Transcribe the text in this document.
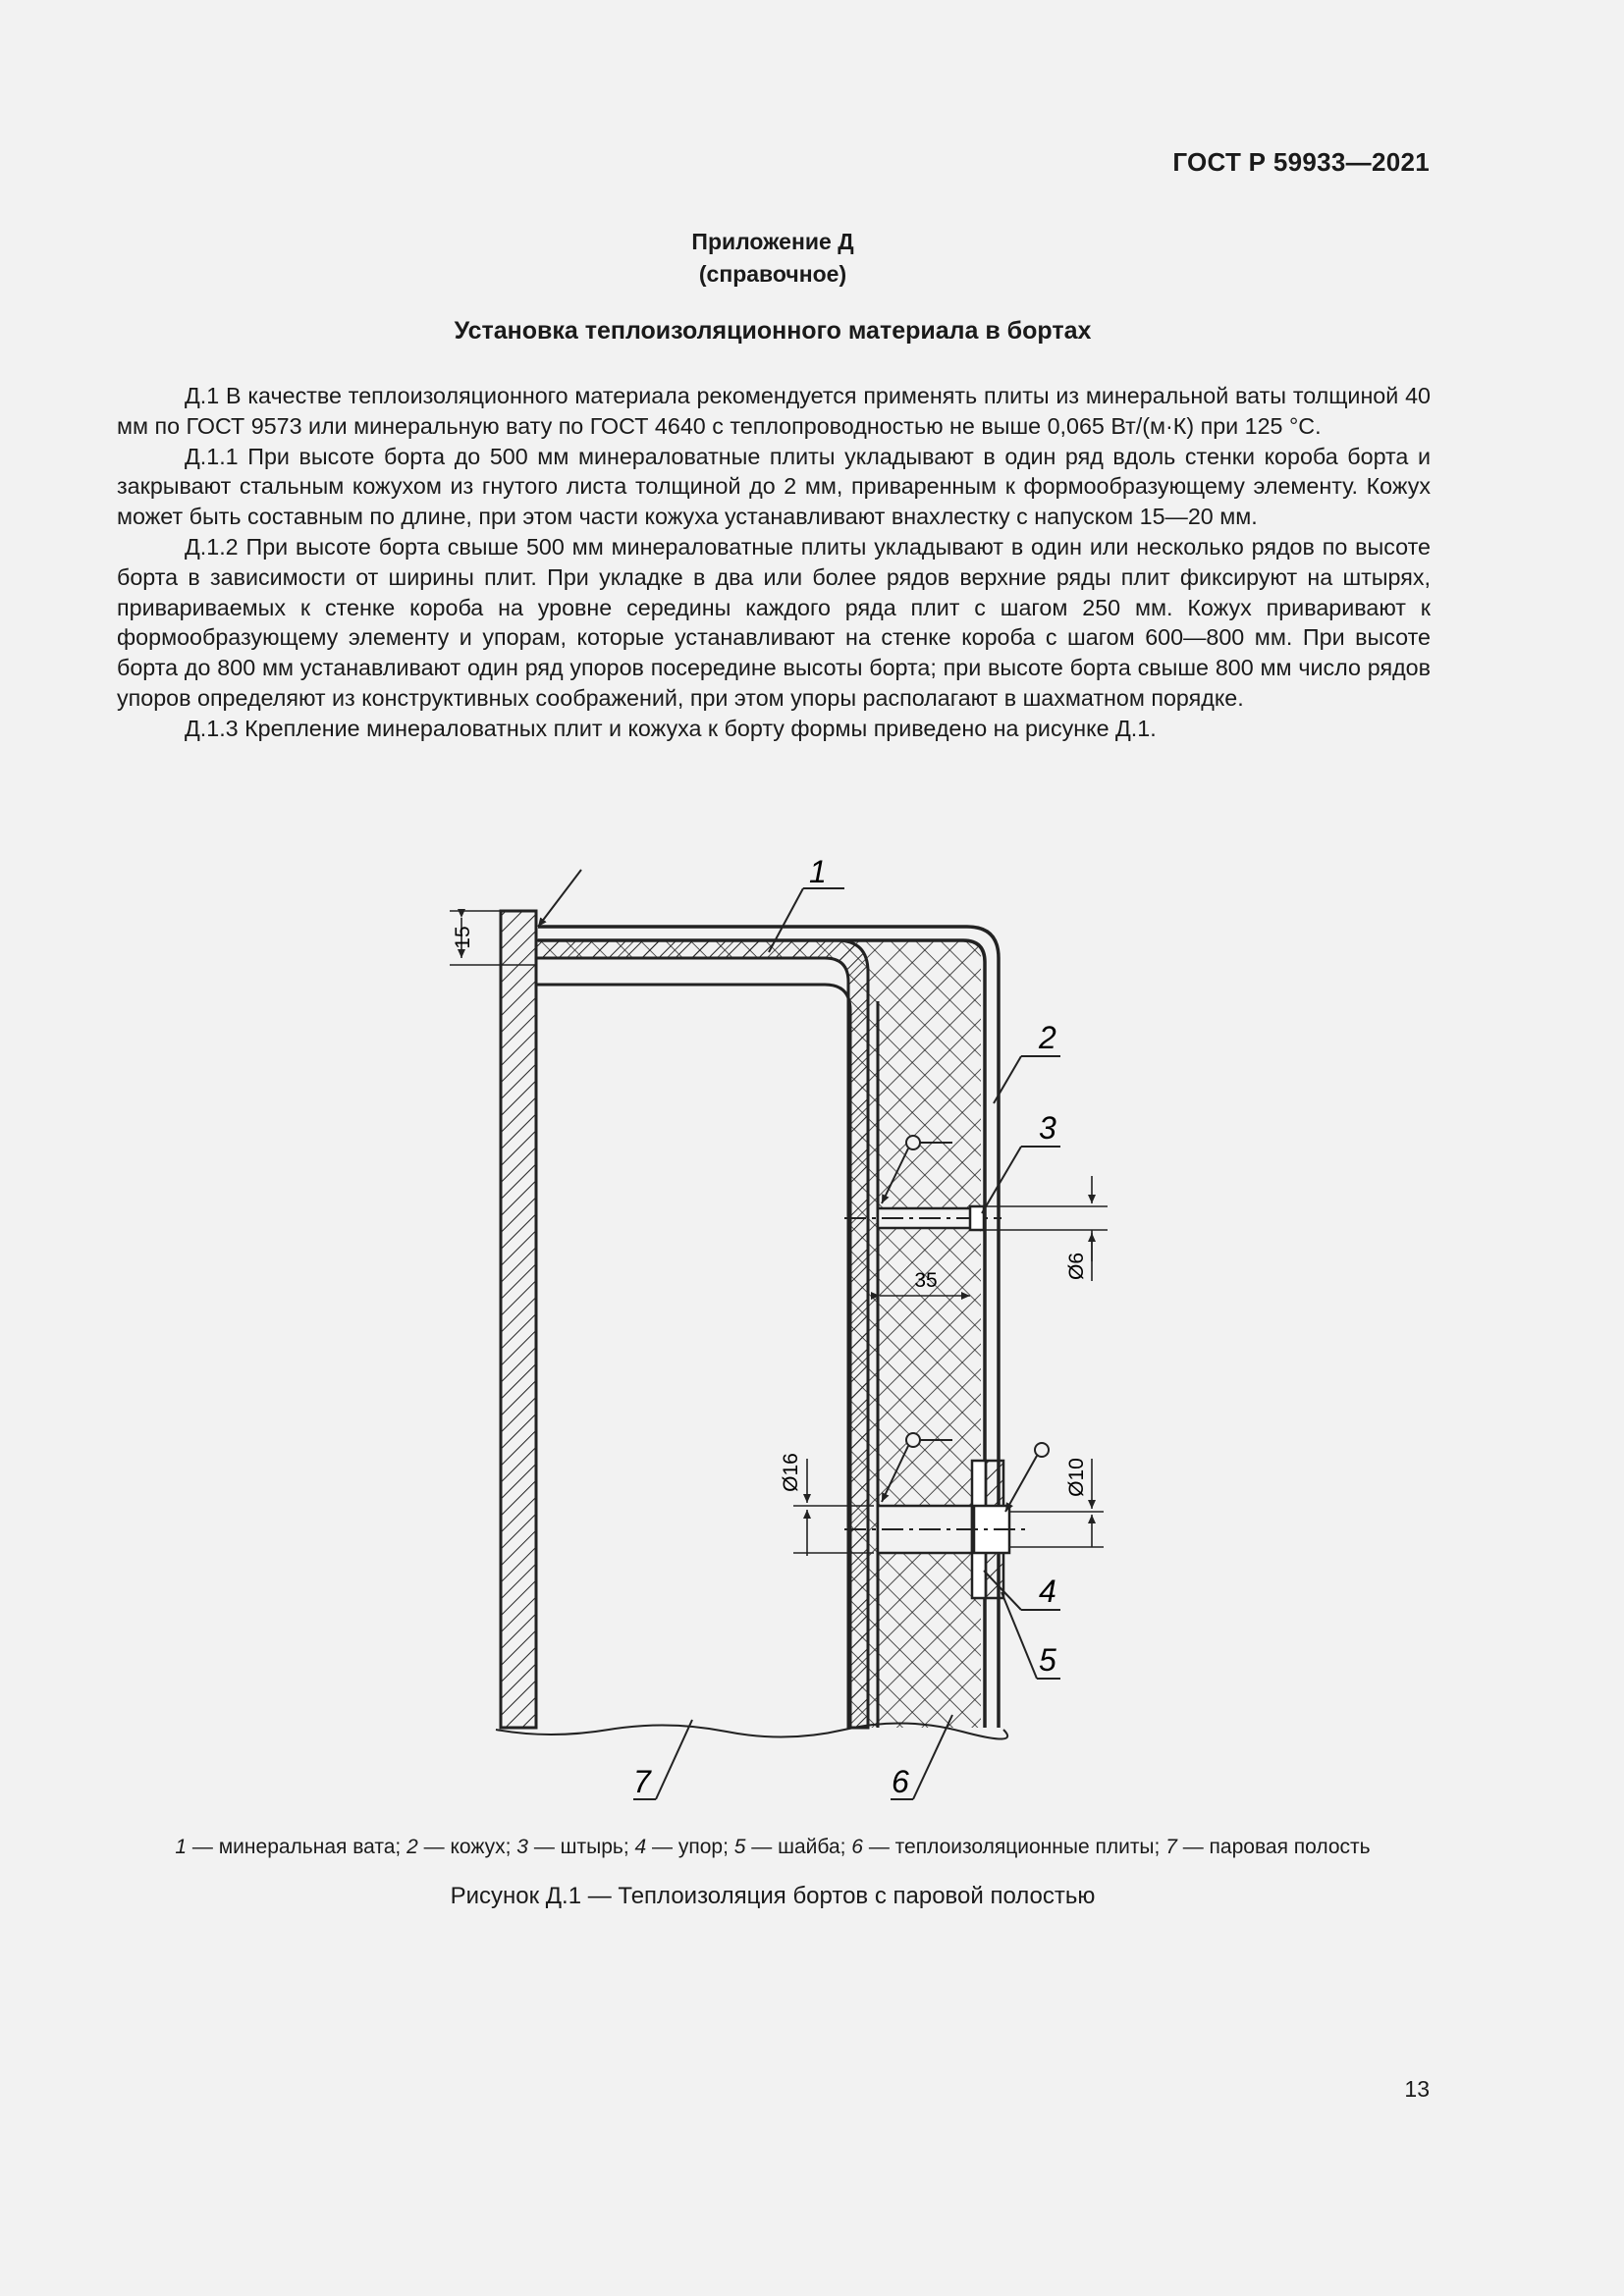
ГОСТ Р 59933—2021
Приложение Д
(справочное)
Установка теплоизоляционного материала в бортах

Д.1 В качестве теплоизоляционного материала рекомендуется применять плиты из минеральной ваты толщиной 40 мм по ГОСТ 9573 или минеральную вату по ГОСТ 4640 с теплопроводностью не выше 0,065 Вт/(м·К) при 125 °С.

Д.1.1 При высоте борта до 500 мм минераловатные плиты укладывают в один ряд вдоль стенки короба борта и закрывают стальным кожухом из гнутого листа толщиной до 2 мм, приваренным к формообразующему элементу. Кожух может быть составным по длине, при этом части кожуха устанавливают внахлестку с напуском 15—20 мм.

Д.1.2 При высоте борта свыше 500 мм минераловатные плиты укладывают в один или несколько рядов по высоте борта в зависимости от ширины плит. При укладке в два или более рядов верхние ряды плит фиксируют на штырях, привариваемых к стенке короба на уровне середины каждого ряда плит с шагом 250 мм. Кожух приваривают к формообразующему элементу и упорам, которые устанавливают на стенке короба с шагом 600—800 мм. При высоте борта до 800 мм устанавливают один ряд упоров посередине высоты борта; при высоте борта свыше 800 мм число рядов упоров определяют из конструктивных соображений, при этом упоры располагают в шахматном порядке.

Д.1.3 Крепление минераловатных плит и кожуха к борту формы приведено на рисунке Д.1.

15
35
Ø6
Ø16	Ø10
1
2
3
4
5
6
7
1 — минеральная вата; 2 — кожух; 3 — штырь; 4 — упор; 5 — шайба; 6 — теплоизоляционные плиты; 7 — паровая полость
Рисунок Д.1 — Теплоизоляция бортов с паровой полостью
13
